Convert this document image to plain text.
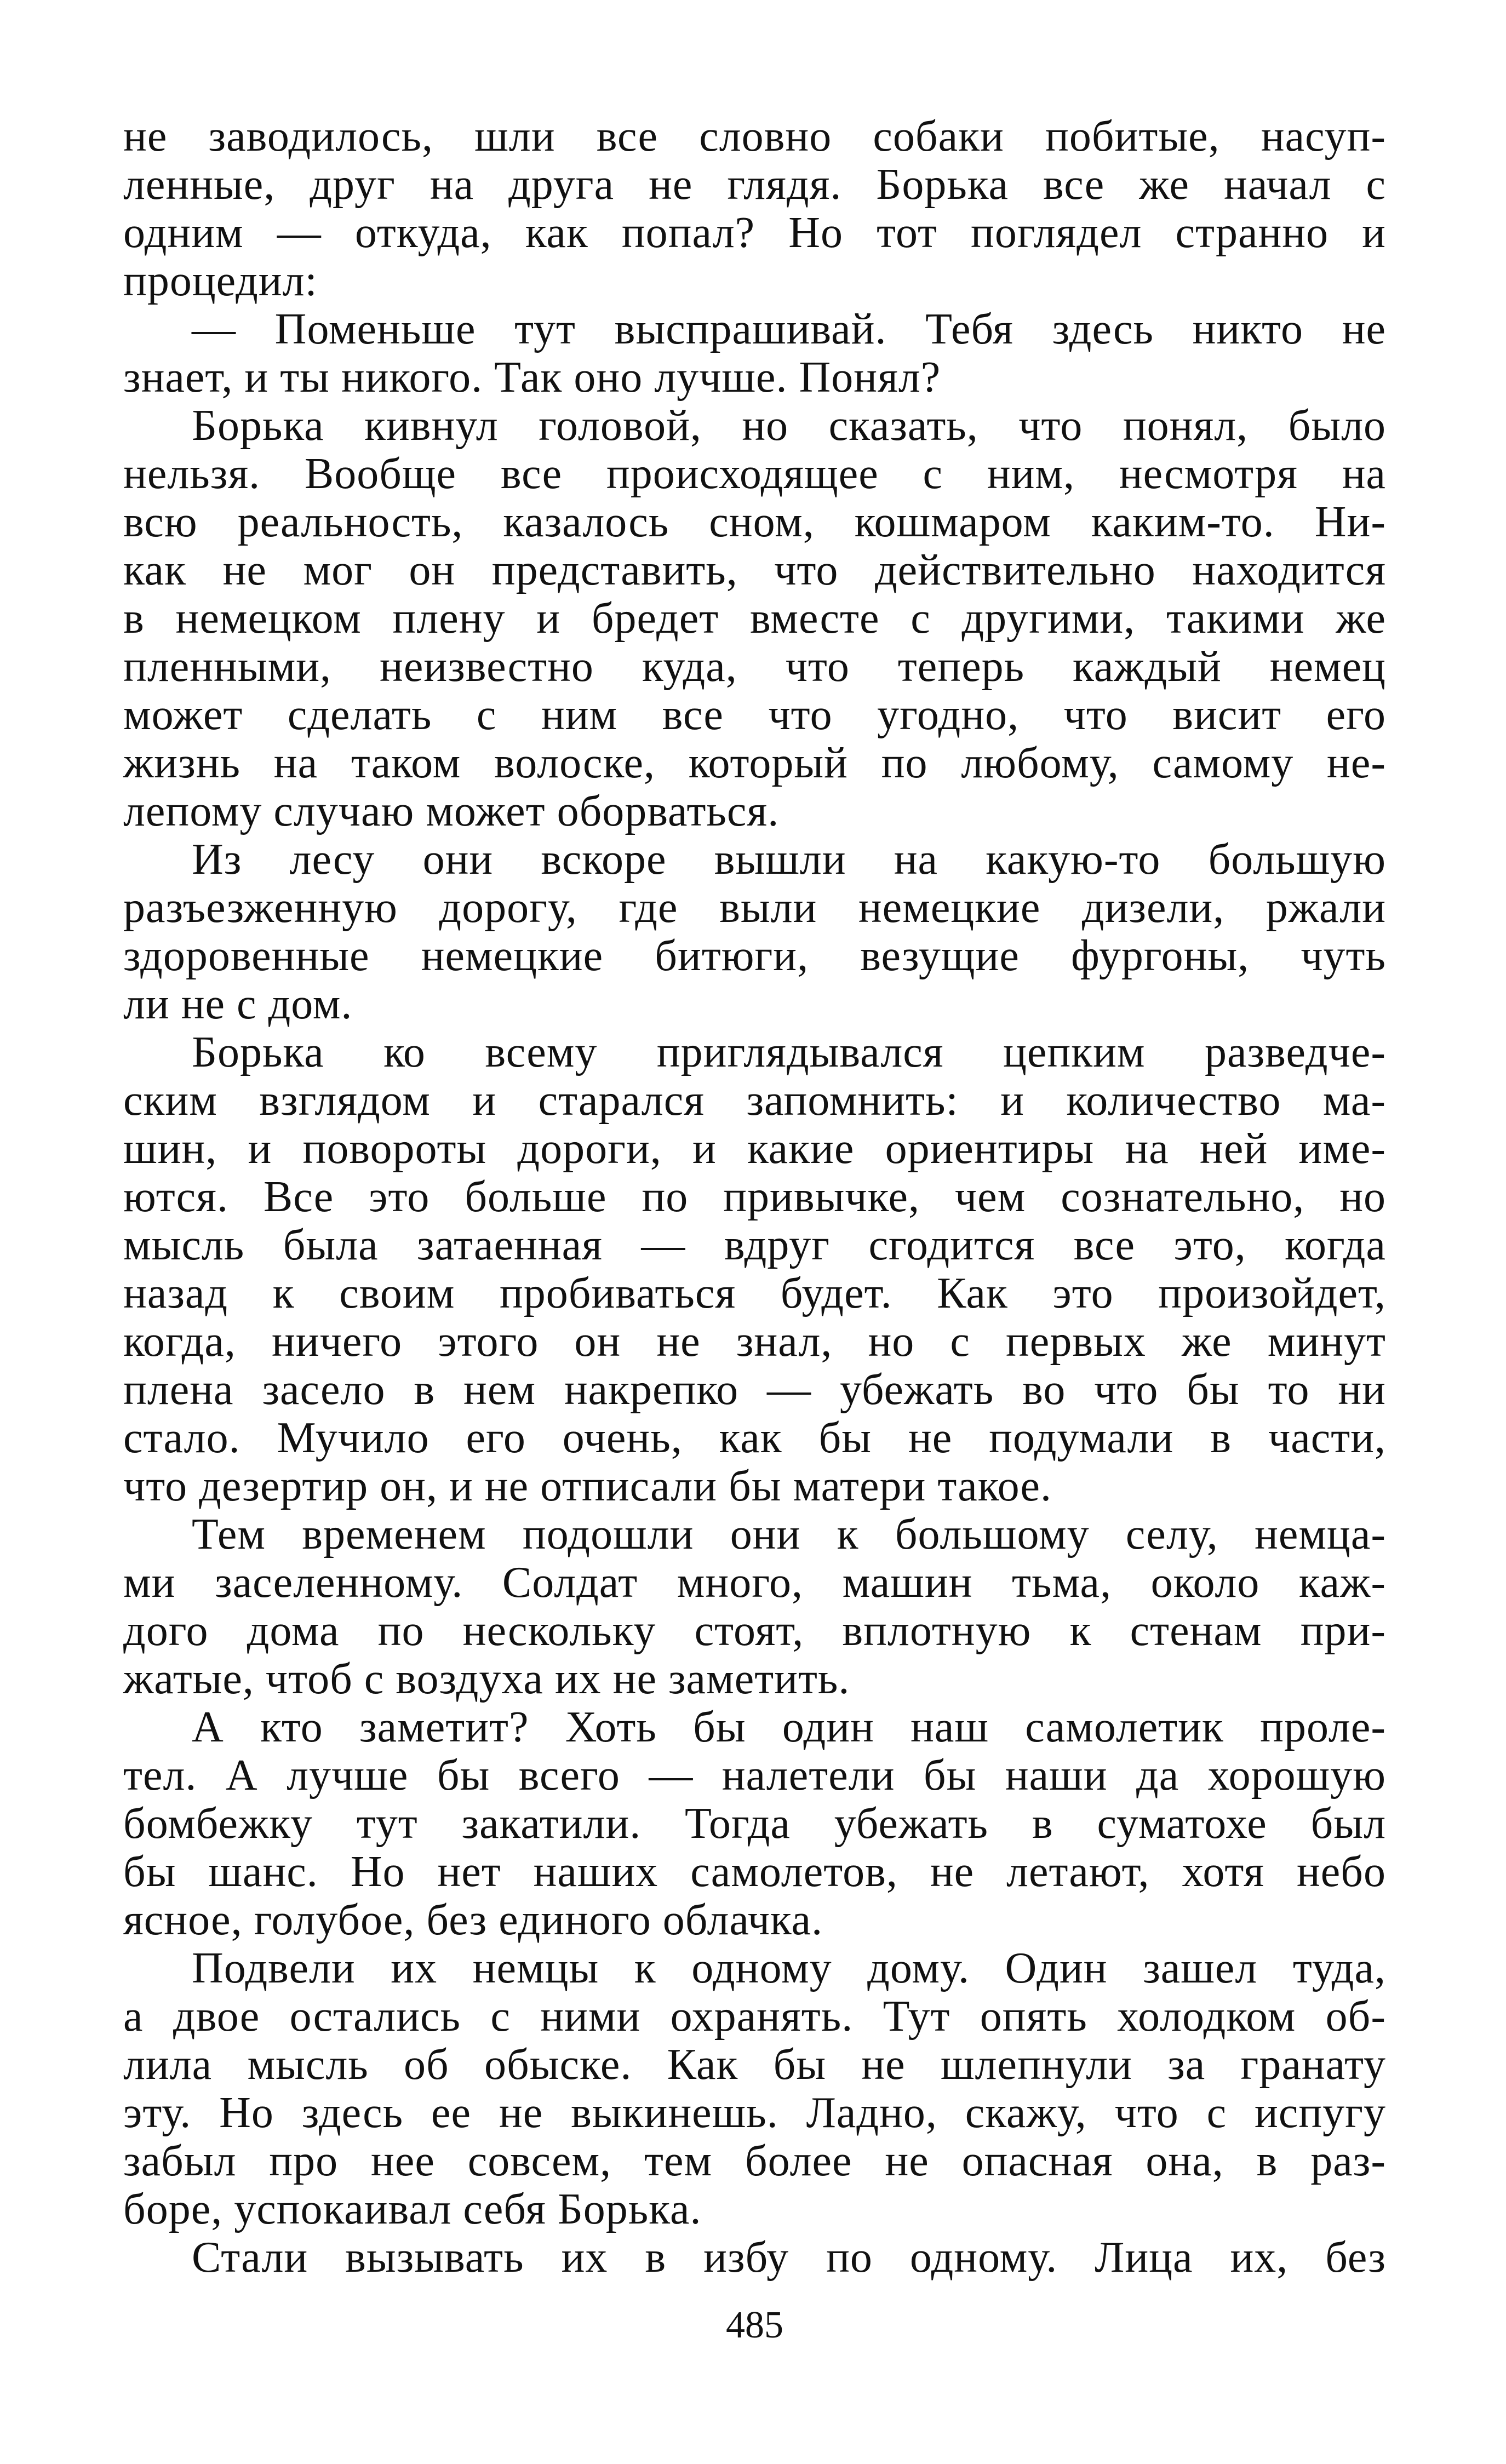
не заводилось, шли все словно собаки побитые, насуп-
ленные, друг на друга не глядя. Борька все же начал с
одним — откуда, как попал? Но тот поглядел странно и
процедил:
— Поменьше тут выспрашивай. Тебя здесь никто не
знает, и ты никого. Так оно лучше. Понял?
Борька кивнул головой, но сказать, что понял, было
нельзя. Вообще все происходящее с ним, несмотря на
всю реальность, казалось сном, кошмаром каким-то. Ни-
как не мог он представить, что действительно находится
в немецком плену и бредет вместе с другими, такими же
пленными, неизвестно куда, что теперь каждый немец
может сделать с ним все что угодно, что висит его
жизнь на таком волоске, который по любому, самому не-
лепому случаю может оборваться.
Из лесу они вскоре вышли на какую-то большую
разъезженную дорогу, где выли немецкие дизели, ржали
здоровенные немецкие битюги, везущие фургоны, чуть
ли не с дом.
Борька ко всему приглядывался цепким разведче-
ским взглядом и старался запомнить: и количество ма-
шин, и повороты дороги, и какие ориентиры на ней име-
ются. Все это больше по привычке, чем сознательно, но
мысль была затаенная — вдруг сгодится все это, когда
назад к своим пробиваться будет. Как это произойдет,
когда, ничего этого он не знал, но с первых же минут
плена засело в нем накрепко — убежать во что бы то ни
стало. Мучило его очень, как бы не подумали в части,
что дезертир он, и не отписали бы матери такое.
Тем временем подошли они к большому селу, немца-
ми заселенному. Солдат много, машин тьма, около каж-
дого дома по нескольку стоят, вплотную к стенам при-
жатые, чтоб с воздуха их не заметить.
А кто заметит? Хоть бы один наш самолетик проле-
тел. А лучше бы всего — налетели бы наши да хорошую
бомбежку тут закатили. Тогда убежать в суматохе был
бы шанс. Но нет наших самолетов, не летают, хотя небо
ясное, голубое, без единого облачка.
Подвели их немцы к одному дому. Один зашел туда,
а двое остались с ними охранять. Тут опять холодком об-
лила мысль об обыске. Как бы не шлепнули за гранату
эту. Но здесь ее не выкинешь. Ладно, скажу, что с испугу
забыл про нее совсем, тем более не опасная она, в раз-
боре, успокаивал себя Борька.
Стали вызывать их в избу по одному. Лица их, без
485
